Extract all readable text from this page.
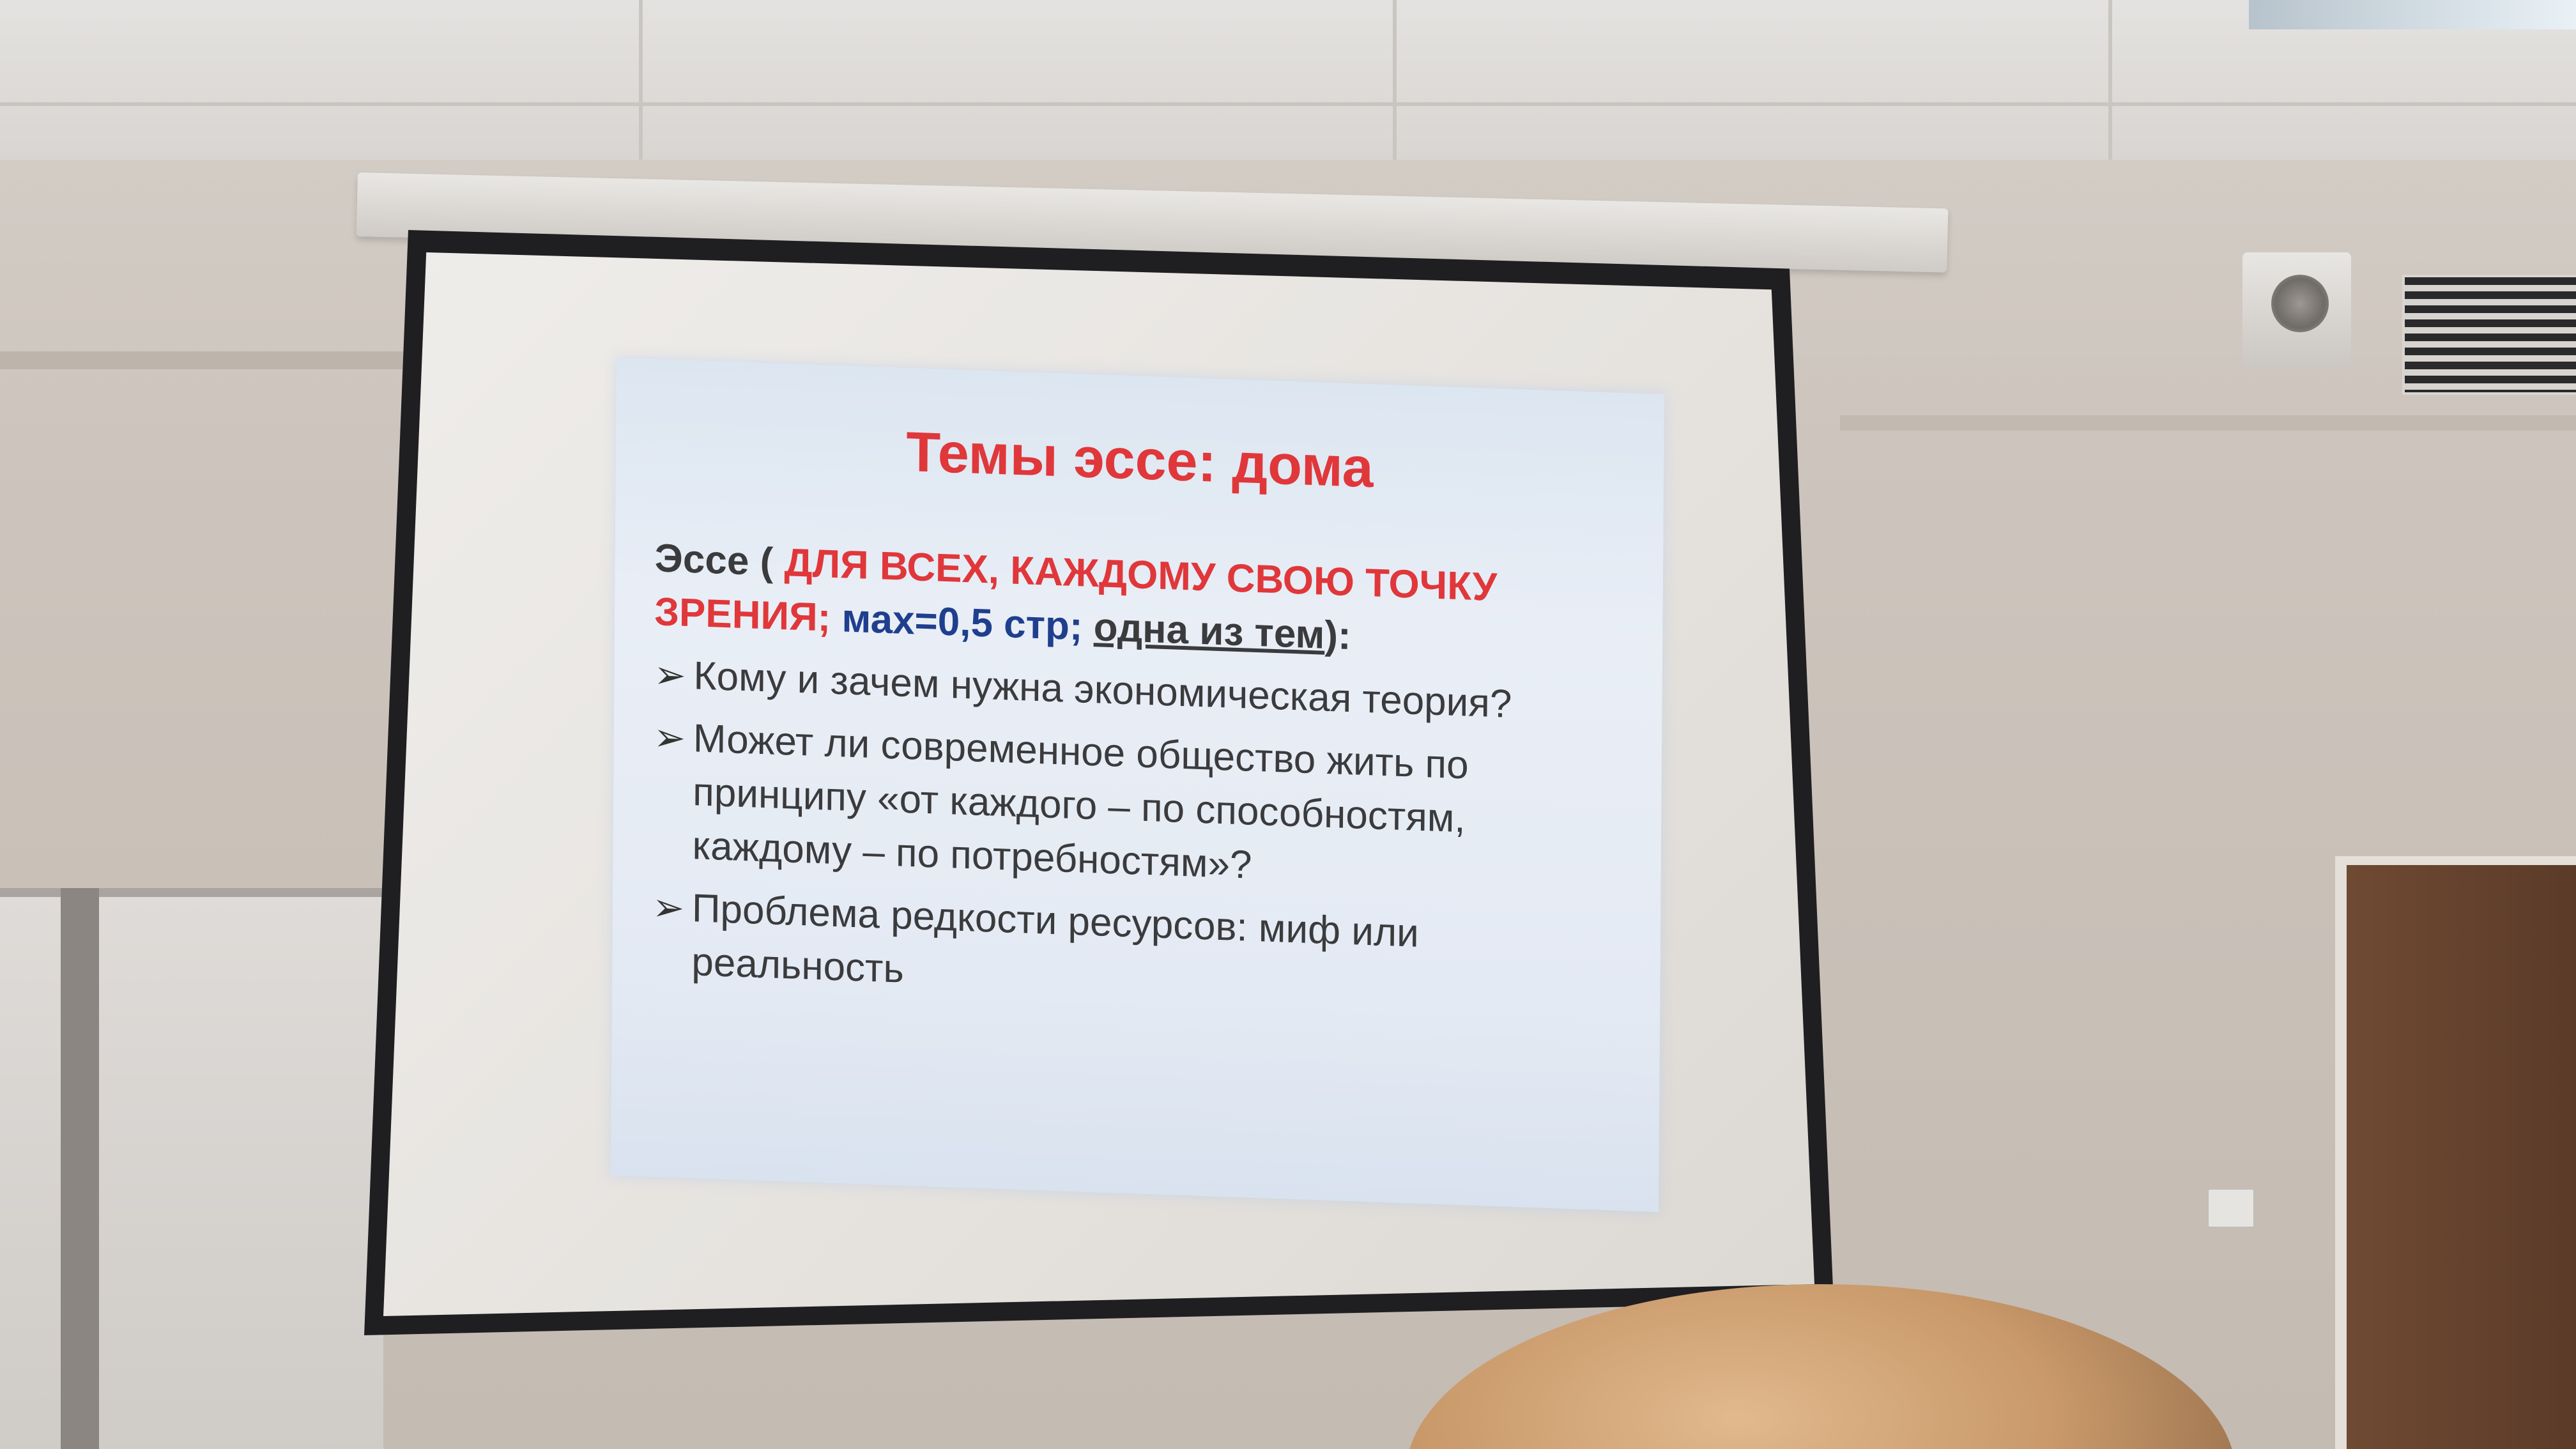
Темы эссе: дома
Эссе ( ДЛЯ ВСЕХ, КАЖДОМУ СВОЮ ТОЧКУ ЗРЕНИЯ; мах=0,5 стр; одна из тем):
➢ Кому и зачем нужна экономическая теория?
➢ Может ли современное общество жить по принципу «от каждого – по способностям, каждому – по потребностям»?
➢ Проблема редкости ресурсов: миф или реальность
